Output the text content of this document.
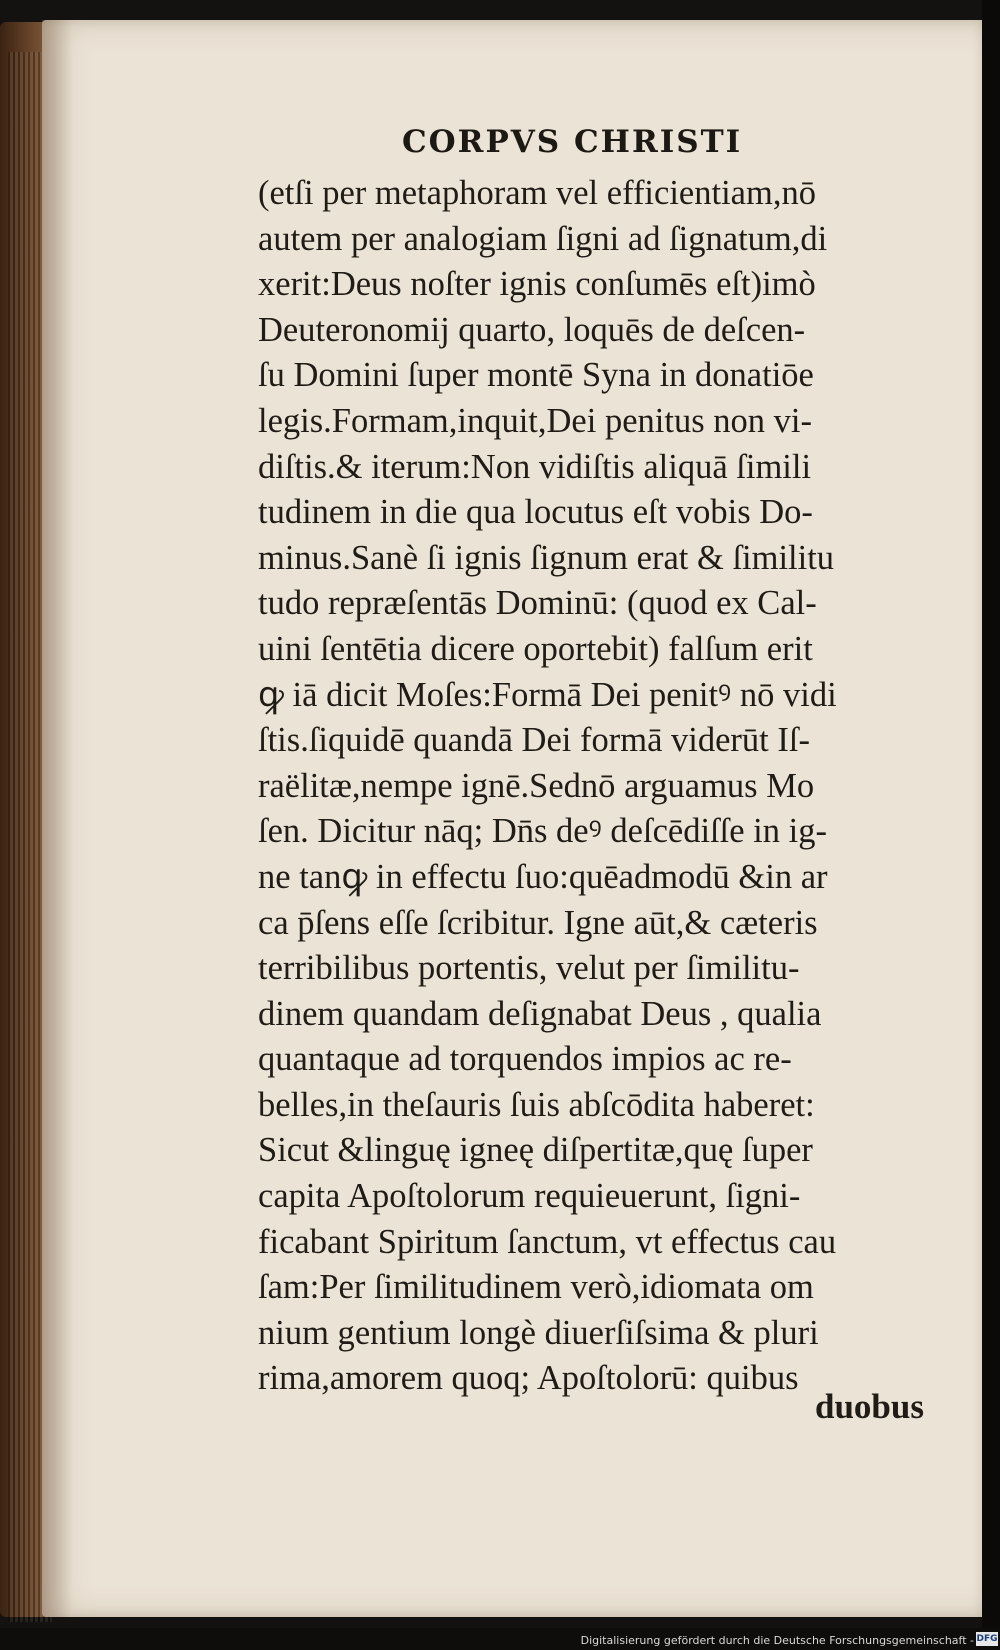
CORPVS CHRISTI
(etſi per metaphoram vel efficientiam,nō
autem per analogiam ſigni ad ſignatum,di
xerit:Deus noſter ignis conſumēs eſt)imò
Deuteronomij quarto, loquēs de deſcen-
ſu Domini ſuper montē Syna in donatiōe
legis.Formam,inquit,Dei penitus non vi-
diſtis.& iterum:Non vidiſtis aliquā ſimili
tudinem in die qua locutus eſt vobis Do-
minus.Sanè ſi ignis ſignum erat & ſimilitu
tudo repræſentās Dominū: (quod ex Cal-
uini ſentētia dicere oportebit) falſum erit
ꝙ iā dicit Moſes:Formā Dei penitꝰ nō vidi
ſtis.ſiquidē quandā Dei formā viderūt Iſ-
raëlitæ,nempe ignē.Sednō arguamus Mo
ſen. Dicitur nāq; Dn̄s deꝰ deſcēdiſſe in ig-
ne tanꝙ in effectu ſuo:quēadmodū &in ar
ca p̄ſens eſſe ſcribitur. Igne aūt,& cæteris
terribilibus portentis, velut per ſimilitu-
dinem quandam deſignabat Deus , qualia
quantaque ad torquendos impios ac re-
belles,in theſauris ſuis abſcōdita haberet:
Sicut &linguę igneę diſpertitæ,quę ſuper
capita Apoſtolorum requieuerunt, ſigni-
ficabant Spiritum ſanctum, vt effectus cau
ſam:Per ſimilitudinem verò,idiomata om
nium gentium longè diuerſiſsima & pluri
rima,amorem quoq; Apoſtolorū: quibus
duobus
Digitalisierung gefördert durch die Deutsche Forschungsgemeinschaft - DFG
